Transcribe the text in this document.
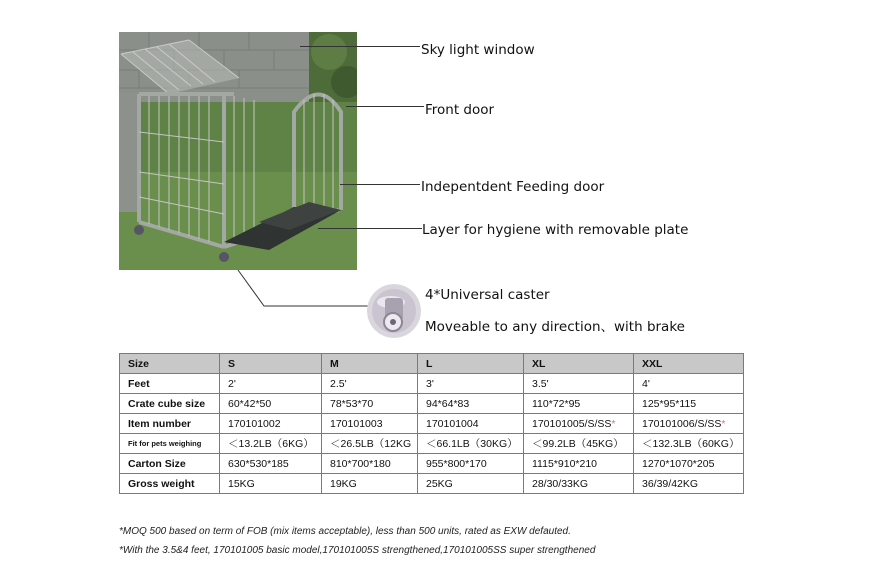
Sky light window
Front door
Indepentdent Feeding door
Layer for hygiene with removable plate
4*Universal caster
Moveable to any direction、with brake
Size	S	M	L	XL	XXL
Feet	2'	2.5'	3'	3.5'	4'
Crate cube size	60*42*50	78*53*70	94*64*83	110*72*95	125*95*115
Item number	170101002	170101003	170101004	170101005/S/SS*	170101006/S/SS*
Fit for pets weighing	＜13.2LB（6KG）	＜26.5LB（12KG	＜66.1LB（30KG）	＜99.2LB（45KG）	＜132.3LB（60KG）
Carton Size	630*530*185	810*700*180	955*800*170	1115*910*210	1270*1070*205
Gross weight	15KG	19KG	25KG	28/30/33KG	36/39/42KG
*MOQ 500 based on term of FOB (mix items acceptable), less than 500 units, rated as EXW defauted.
*With the 3.5&4 feet, 170101005 basic model,170101005S strengthened,170101005SS super strengthened
